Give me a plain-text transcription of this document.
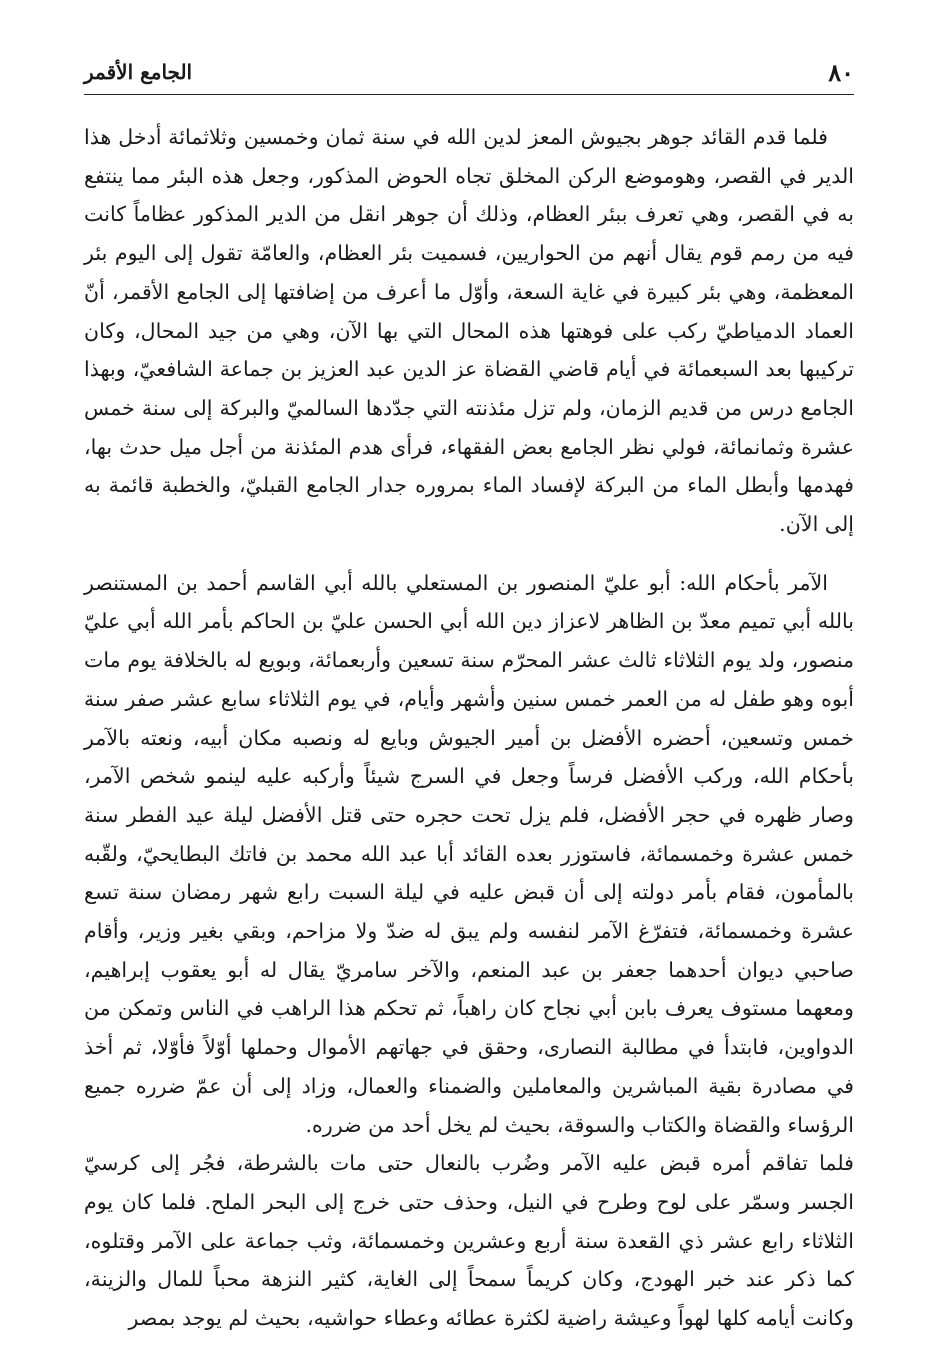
٨٠
الجامع الأقمر

فلما قدم القائد جوهر بجيوش المعز لدين الله في سنة ثمان وخمسين وثلاثمائة أدخل هذا الدير في القصر، وهوموضع الركن المخلق تجاه الحوض المذكور، وجعل هذه البئر مما ينتفع به في القصر، وهي تعرف ببئر العظام، وذلك أن جوهر انقل من الدير المذكور عظاماً كانت فيه من رمم قوم يقال أنهم من الحواريين، فسميت بئر العظام، والعامّة تقول إلى اليوم بئر المعظمة، وهي بئر كبيرة في غاية السعة، وأوّل ما أعرف من إضافتها إلى الجامع الأقمر، أنّ العماد الدمياطيّ ركب على فوهتها هذه المحال التي بها الآن، وهي من جيد المحال، وكان تركيبها بعد السبعمائة في أيام قاضي القضاة عز الدين عبد العزيز بن جماعة الشافعيّ، وبهذا الجامع درس من قديم الزمان، ولم تزل مئذنته التي جدّدها السالميّ والبركة إلى سنة خمس عشرة وثمانمائة، فولي نظر الجامع بعض الفقهاء، فرأى هدم المئذنة من أجل ميل حدث بها، فهدمها وأبطل الماء من البركة لإفساد الماء بمروره جدار الجامع القبليّ، والخطبة قائمة به إلى الآن.

الآمر بأحكام الله: أبو عليّ المنصور بن المستعلي بالله أبي القاسم أحمد بن المستنصر بالله أبي تميم معدّ بن الظاهر لاعزاز دين الله أبي الحسن عليّ بن الحاكم بأمر الله أبي عليّ منصور، ولد يوم الثلاثاء ثالث عشر المحرّم سنة تسعين وأربعمائة، وبويع له بالخلافة يوم مات أبوه وهو طفل له من العمر خمس سنين وأشهر وأيام، في يوم الثلاثاء سابع عشر صفر سنة خمس وتسعين، أحضره الأفضل بن أمير الجيوش وبايع له ونصبه مكان أبيه، ونعته بالآمر بأحكام الله، وركب الأفضل فرساً وجعل في السرج شيئاً وأركبه عليه لينمو شخص الآمر، وصار ظهره في حجر الأفضل، فلم يزل تحت حجره حتى قتل الأفضل ليلة عيد الفطر سنة خمس عشرة وخمسمائة، فاستوزر بعده القائد أبا عبد الله محمد بن فاتك البطايحيّ، ولقّبه بالمأمون، فقام بأمر دولته إلى أن قبض عليه في ليلة السبت رابع شهر رمضان سنة تسع عشرة وخمسمائة، فتفرّغ الآمر لنفسه ولم يبق له ضدّ ولا مزاحم، وبقي بغير وزير، وأقام صاحبي ديوان أحدهما جعفر بن عبد المنعم، والآخر سامريّ يقال له أبو يعقوب إبراهيم، ومعهما مستوف يعرف بابن أبي نجاح كان راهباً، ثم تحكم هذا الراهب في الناس وتمكن من الدواوين، فابتدأ في مطالبة النصارى، وحقق في جهاتهم الأموال وحملها أوّلاً فأوّلا، ثم أخذ في مصادرة بقية المباشرين والمعاملين والضمناء والعمال، وزاد إلى أن عمّ ضرره جميع الرؤساء والقضاة والكتاب والسوقة، بحيث لم يخل أحد من ضرره.

فلما تفاقم أمره قبض عليه الآمر وضُرب بالنعال حتى مات بالشرطة، فجُر إلى كرسيّ الجسر وسمّر على لوح وطرح في النيل، وحذف حتى خرج إلى البحر الملح. فلما كان يوم الثلاثاء رابع عشر ذي القعدة سنة أربع وعشرين وخمسمائة، وثب جماعة على الآمر وقتلوه، كما ذكر عند خبر الهودج، وكان كريماً سمحاً إلى الغاية، كثير النزهة محباً للمال والزينة، وكانت أيامه كلها لهواً وعيشة راضية لكثرة عطائه وعطاء حواشيه، بحيث لم يوجد بمصر
